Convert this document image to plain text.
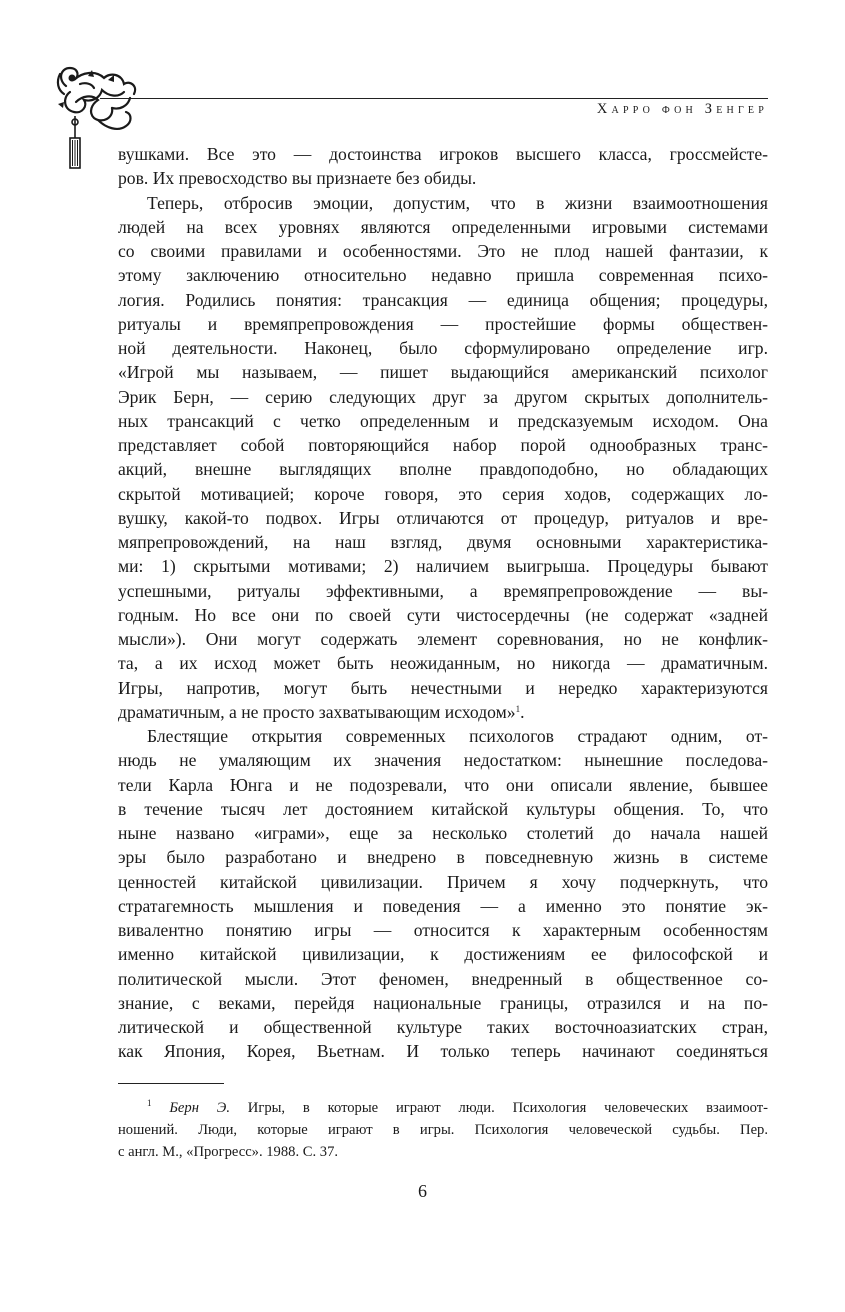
Харро фон Зенгер
вушками. Все это — достоинства игроков высшего класса, гроссмейсте-
ров. Их превосходство вы признаете без обиды.
Теперь, отбросив эмоции, допустим, что в жизни взаимоотношения
людей на всех уровнях являются определенными игровыми системами
со своими правилами и особенностями. Это не плод нашей фантазии, к
этому заключению относительно недавно пришла современная психо-
логия. Родились понятия: трансакция — единица общения; процедуры,
ритуалы и времяпрепровождения — простейшие формы обществен-
ной деятельности. Наконец, было сформулировано определение игр.
«Игрой мы называем, — пишет выдающийся американский психолог
Эрик Берн, — серию следующих друг за другом скрытых дополнитель-
ных трансакций с четко определенным и предсказуемым исходом. Она
представляет собой повторяющийся набор порой однообразных транс-
акций, внешне выглядящих вполне правдоподобно, но обладающих
скрытой мотивацией; короче говоря, это серия ходов, содержащих ло-
вушку, какой-то подвох. Игры отличаются от процедур, ритуалов и вре-
мяпрепровождений, на наш взгляд, двумя основными характеристика-
ми: 1) скрытыми мотивами; 2) наличием выигрыша. Процедуры бывают
успешными, ритуалы эффективными, а времяпрепровождение — вы-
годным. Но все они по своей сути чистосердечны (не содержат «задней
мысли»). Они могут содержать элемент соревнования, но не конфлик-
та, а их исход может быть неожиданным, но никогда — драматичным.
Игры, напротив, могут быть нечестными и нередко характеризуются
драматичным, а не просто захватывающим исходом»$^1$.
Блестящие открытия современных психологов страдают одним, от-
нюдь не умаляющим их значения недостатком: нынешние последова-
тели Карла Юнга и не подозревали, что они описали явление, бывшее
в течение тысяч лет достоянием китайской культуры общения. То, что
ныне названо «играми», еще за несколько столетий до начала нашей
эры было разработано и внедрено в повседневную жизнь в системе
ценностей китайской цивилизации. Причем я хочу подчеркнуть, что
стратагемность мышления и поведения — а именно это понятие эк-
вивалентно понятию игры — относится к характерным особенностям
именно китайской цивилизации, к достижениям ее философской и
политической мысли. Этот феномен, внедренный в общественное со-
знание, с веками, перейдя национальные границы, отразился и на по-
литической и общественной культуре таких восточноазиатских стран,
как Япония, Корея, Вьетнам. И только теперь начинают соединяться
$^1$ Берн Э. Игры, в которые играют люди. Психология человеческих взаимоот-
ношений. Люди, которые играют в игры. Психология человеческой судьбы. Пер.
с англ. М., «Прогресс». 1988. С. 37.
6
